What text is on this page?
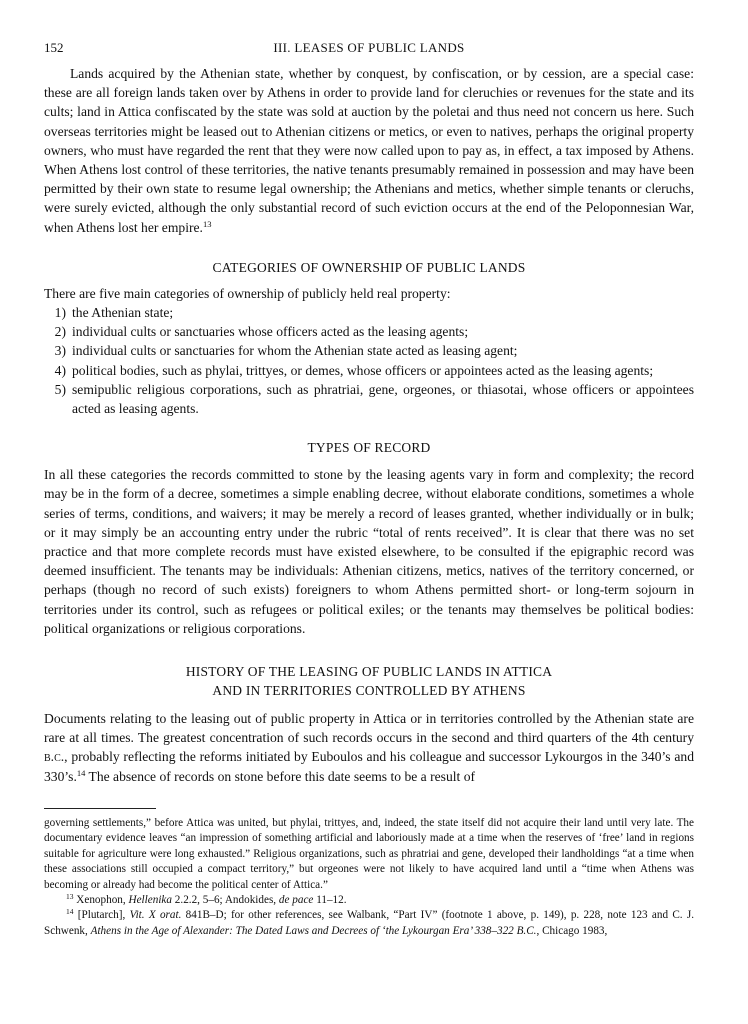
III. LEASES OF PUBLIC LANDS
152

Lands acquired by the Athenian state, whether by conquest, by confiscation, or by cession, are a special case: these are all foreign lands taken over by Athens in order to provide land for cleruchies or revenues for the state and its cults; land in Attica confiscated by the state was sold at auction by the poletai and thus need not concern us here. Such overseas territories might be leased out to Athenian citizens or metics, or even to natives, perhaps the original property owners, who must have regarded the rent that they were now called upon to pay as, in effect, a tax imposed by Athens. When Athens lost control of these territories, the native tenants presumably remained in possession and may have been permitted by their own state to resume legal ownership; the Athenians and metics, whether simple tenants or cleruchs, were surely evicted, although the only substantial record of such eviction occurs at the end of the Peloponnesian War, when Athens lost her empire.$^{13}$

CATEGORIES OF OWNERSHIP OF PUBLIC LANDS

There are five main categories of ownership of publicly held real property:

1) the Athenian state;
2) individual cults or sanctuaries whose officers acted as the leasing agents;
3) individual cults or sanctuaries for whom the Athenian state acted as leasing agent;
4) political bodies, such as phylai, trittyes, or demes, whose officers or appointees acted as the leasing agents;
5) semipublic religious corporations, such as phratriai, gene, orgeones, or thiasotai, whose officers or appointees acted as leasing agents.
TYPES OF RECORD

In all these categories the records committed to stone by the leasing agents vary in form and complexity; the record may be in the form of a decree, sometimes a simple enabling decree, without elaborate conditions, sometimes a whole series of terms, conditions, and waivers; it may be merely a record of leases granted, whether individually or in bulk; or it may simply be an accounting entry under the rubric “total of rents received”. It is clear that there was no set practice and that more complete records must have existed elsewhere, to be consulted if the epigraphic record was deemed insufficient. The tenants may be individuals: Athenian citizens, metics, natives of the territory concerned, or perhaps (though no record of such exists) foreigners to whom Athens permitted short- or long-term sojourn in territories under its control, such as refugees or political exiles; or the tenants may themselves be political bodies: political organizations or religious corporations.

HISTORY OF THE LEASING OF PUBLIC LANDS IN ATTICA
AND IN TERRITORIES CONTROLLED BY ATHENS

Documents relating to the leasing out of public property in Attica or in territories controlled by the Athenian state are rare at all times. The greatest concentration of such records occurs in the second and third quarters of the 4th century b.c., probably reflecting the reforms initiated by Euboulos and his colleague and successor Lykourgos in the 340’s and 330’s.$^{14}$ The absence of records on stone before this date seems to be a result of

governing settlements,” before Attica was united, but phylai, trittyes, and, indeed, the state itself did not acquire their land until very late. The documentary evidence leaves “an impression of something artificial and laboriously made at a time when the reserves of ‘free’ land in regions suitable for agriculture were long exhausted.” Religious organizations, such as phratriai and gene, developed their landholdings “at a time when these associations still occupied a compact territory,” but orgeones were not likely to have acquired land until a “time when Athens was becoming or already had become the political center of Attica.”

$^{13}$ Xenophon, Hellenika 2.2.2, 5–6; Andokides, de pace 11–12.

$^{14}$ [Plutarch], Vit. X orat. 841B–D; for other references, see Walbank, “Part IV” (footnote 1 above, p. 149), p. 228, note 123 and C. J. Schwenk, Athens in the Age of Alexander: The Dated Laws and Decrees of ‘the Lykourgan Era’ 338–322 B.C., Chicago 1983,
